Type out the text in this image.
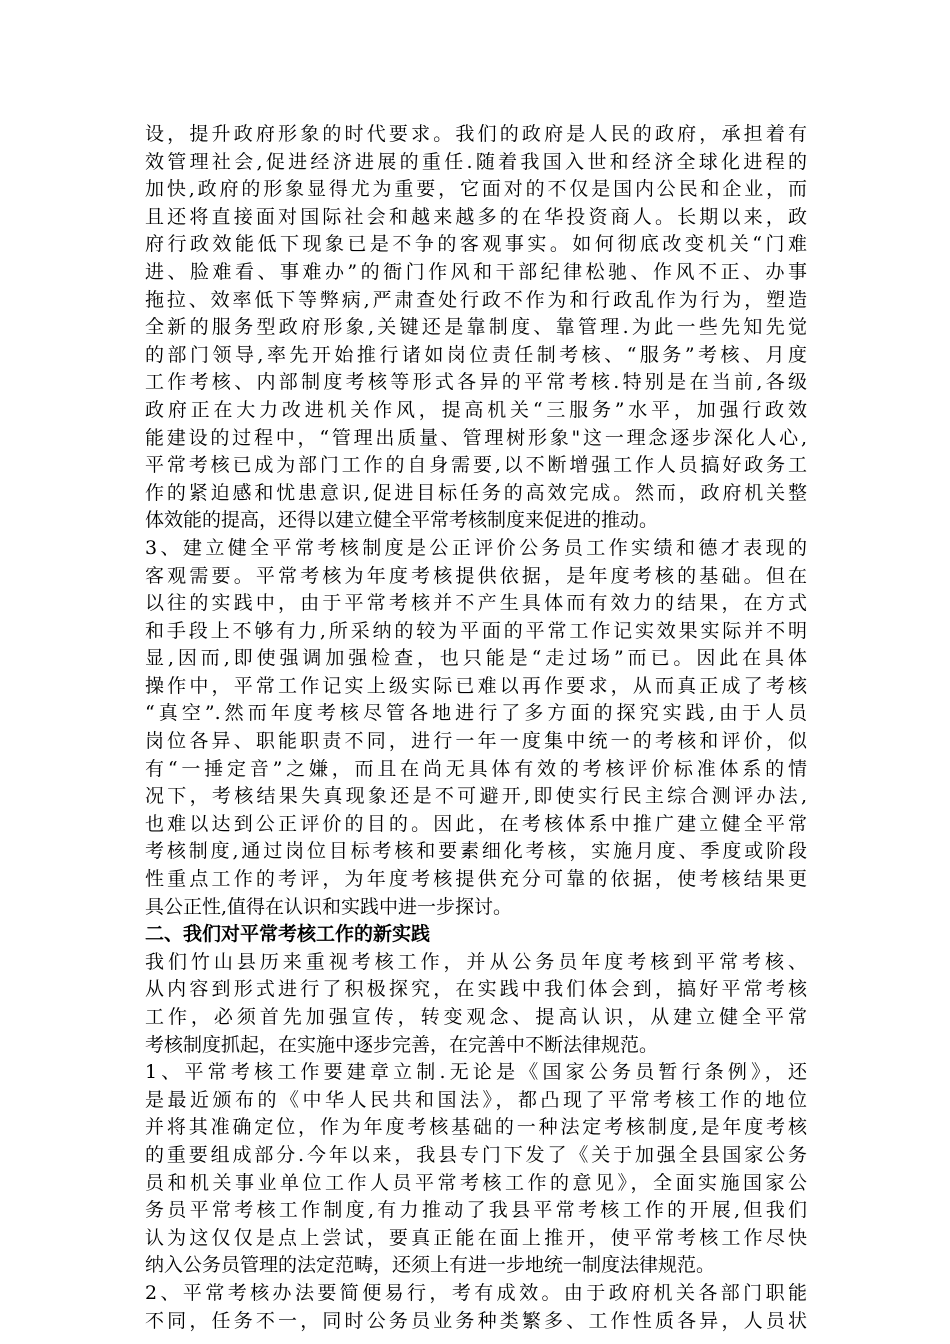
设，提升政府形象的时代要求。我们的政府是人民的政府，承担着有
效管理社会,促进经济进展的重任.随着我国入世和经济全球化进程的
加快,政府的形象显得尤为重要，它面对的不仅是国内公民和企业，而
且还将直接面对国际社会和越来越多的在华投资商人。长期以来，政
府行政效能低下现象已是不争的客观事实。如何彻底改变机关“门难
进、脸难看、事难办”的衙门作风和干部纪律松驰、作风不正、办事
拖拉、效率低下等弊病,严肃查处行政不作为和行政乱作为行为，塑造
全新的服务型政府形象,关键还是靠制度、靠管理.为此一些先知先觉
的部门领导,率先开始推行诸如岗位责任制考核、“服务”考核、月度
工作考核、内部制度考核等形式各异的平常考核.特别是在当前,各级
政府正在大力改进机关作风，提高机关“三服务”水平，加强行政效
能建设的过程中，“管理出质量、管理树形象"这一理念逐步深化人心,
平常考核已成为部门工作的自身需要,以不断增强工作人员搞好政务工
作的紧迫感和忧患意识,促进目标任务的高效完成。然而，政府机关整
体效能的提高，还得以建立健全平常考核制度来促进的推动。
3、建立健全平常考核制度是公正评价公务员工作实绩和德才表现的
客观需要。平常考核为年度考核提供依据，是年度考核的基础。但在
以往的实践中，由于平常考核并不产生具体而有效力的结果，在方式
和手段上不够有力,所采纳的较为平面的平常工作记实效果实际并不明
显,因而,即使强调加强检查，也只能是“走过场”而已。因此在具体
操作中，平常工作记实上级实际已难以再作要求，从而真正成了考核
“真空”.然而年度考核尽管各地进行了多方面的探究实践,由于人员
岗位各异、职能职责不同，进行一年一度集中统一的考核和评价，似
有“一捶定音”之嫌，而且在尚无具体有效的考核评价标准体系的情
况下，考核结果失真现象还是不可避开,即使实行民主综合测评办法,
也难以达到公正评价的目的。因此，在考核体系中推广建立健全平常
考核制度,通过岗位目标考核和要素细化考核，实施月度、季度或阶段
性重点工作的考评，为年度考核提供充分可靠的依据，使考核结果更
具公正性,值得在认识和实践中进一步探讨。
二、我们对平常考核工作的新实践
我们竹山县历来重视考核工作，并从公务员年度考核到平常考核、
从内容到形式进行了积极探究，在实践中我们体会到，搞好平常考核
工作，必须首先加强宣传，转变观念、提高认识，从建立健全平常
考核制度抓起，在实施中逐步完善，在完善中不断法律规范。
1、平常考核工作要建章立制.无论是《国家公务员暂行条例》，还
是最近颁布的《中华人民共和国法》，都凸现了平常考核工作的地位
并将其准确定位，作为年度考核基础的一种法定考核制度,是年度考核
的重要组成部分.今年以来，我县专门下发了《关于加强全县国家公务
员和机关事业单位工作人员平常考核工作的意见》，全面实施国家公
务员平常考核工作制度,有力推动了我县平常考核工作的开展,但我们
认为这仅仅是点上尝试，要真正能在面上推开，使平常考核工作尽快
纳入公务员管理的法定范畴，还须上有进一步地统一制度法律规范。
2、平常考核办法要简便易行，考有成效。由于政府机关各部门职能
不同，任务不一，同时公务员业务种类繁多、工作性质各异，人员状
